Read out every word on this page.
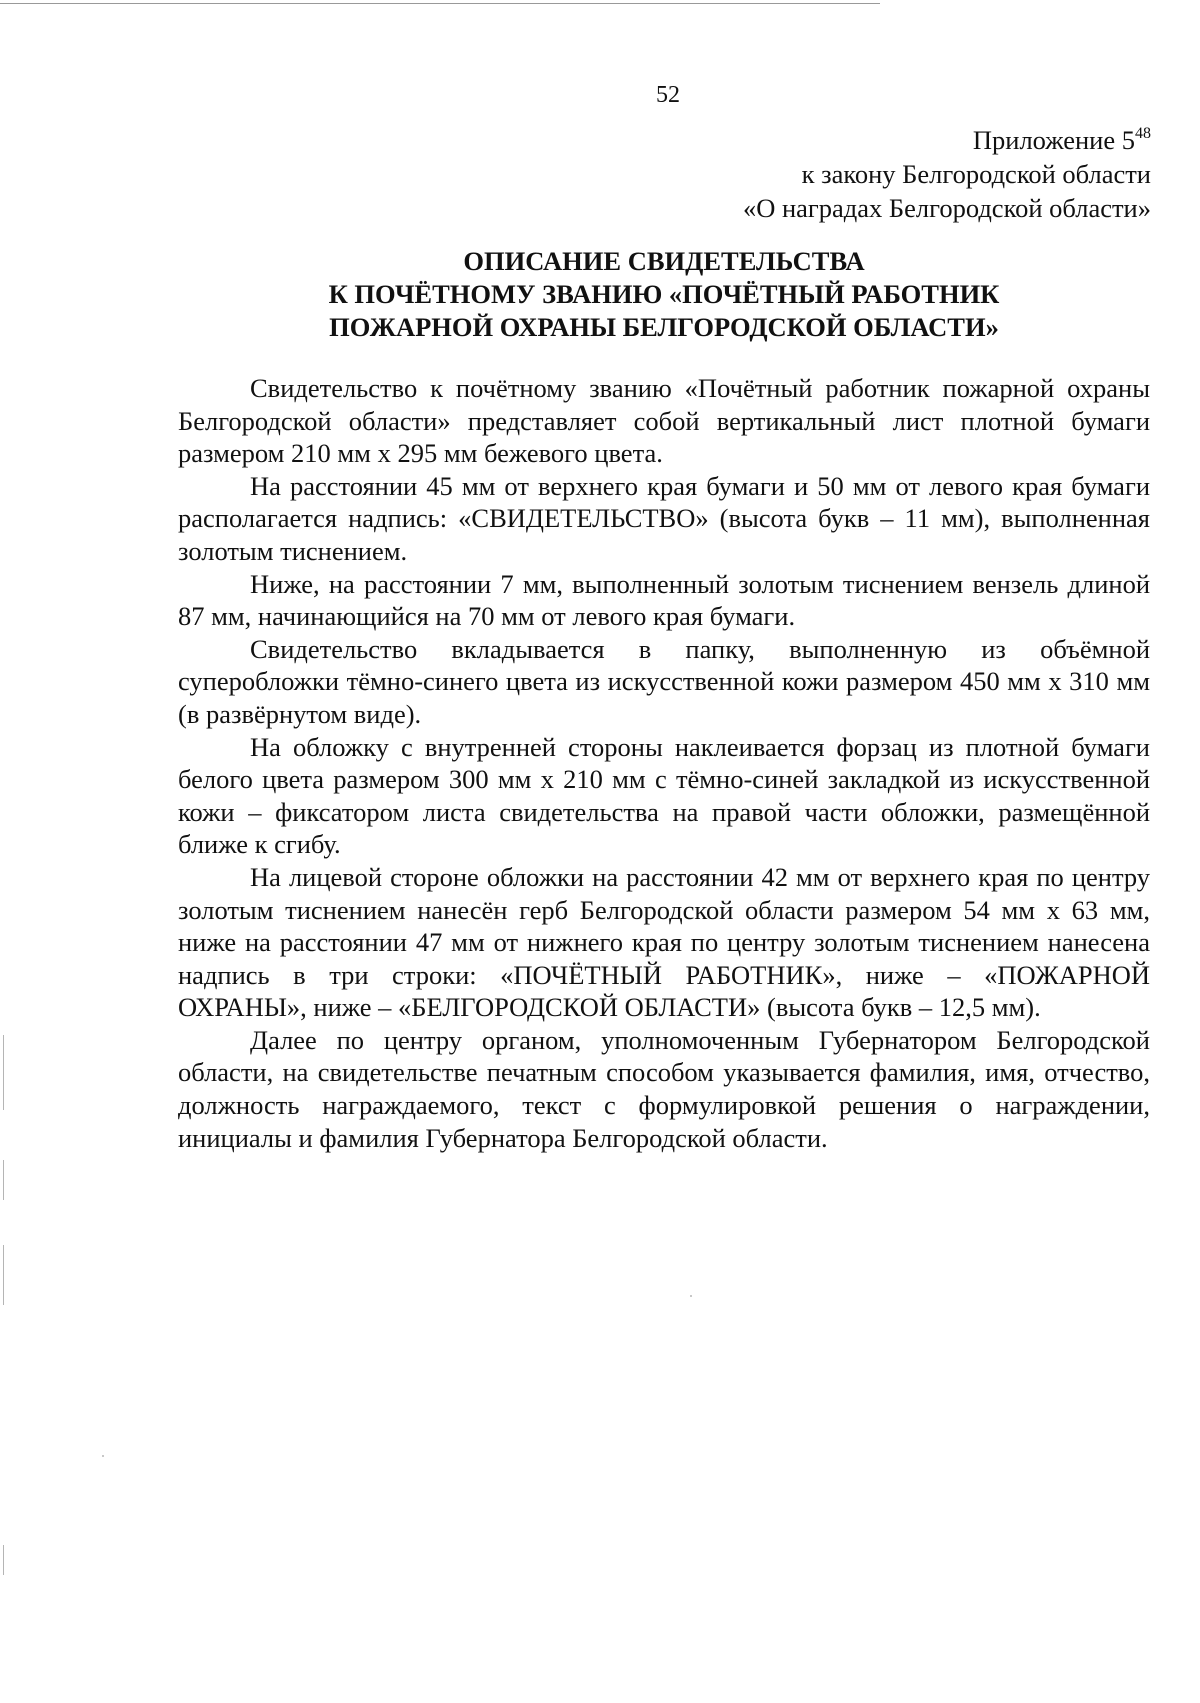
52
Приложение $5^{48}$
к закону Белгородской области
«О наградах Белгородской области»
ОПИСАНИЕ СВИДЕТЕЛЬСТВА
К ПОЧЁТНОМУ ЗВАНИЮ «ПОЧЁТНЫЙ РАБОТНИК
ПОЖАРНОЙ ОХРАНЫ БЕЛГОРОДСКОЙ ОБЛАСТИ»

Свидетельство к почётному званию «Почётный работник пожарной охраны Белгородской области» представляет собой вертикальный лист плотной бумаги размером 210 мм х 295 мм бежевого цвета.

На расстоянии 45 мм от верхнего края бумаги и 50 мм от левого края бумаги располагается надпись: «СВИДЕТЕЛЬСТВО» (высота букв – 11 мм), выполненная золотым тиснением.

Ниже, на расстоянии 7 мм, выполненный золотым тиснением вензель длиной 87 мм, начинающийся на 70 мм от левого края бумаги.

Свидетельство вкладывается в папку, выполненную из объёмной суперобложки тёмно-синего цвета из искусственной кожи размером 450 мм х 310 мм (в развёрнутом виде).

На обложку с внутренней стороны наклеивается форзац из плотной бумаги белого цвета размером 300 мм х 210 мм с тёмно-синей закладкой из искусственной кожи – фиксатором листа свидетельства на правой части обложки, размещённой ближе к сгибу.

На лицевой стороне обложки на расстоянии 42 мм от верхнего края по центру золотым тиснением нанесён герб Белгородской области размером 54 мм х 63 мм, ниже на расстоянии 47 мм от нижнего края по центру золотым тиснением нанесена надпись в три строки: «ПОЧЁТНЫЙ РАБОТНИК», ниже – «ПОЖАРНОЙ ОХРАНЫ», ниже – «БЕЛГОРОДСКОЙ ОБЛАСТИ» (высота букв – 12,5 мм).

Далее по центру органом, уполномоченным Губернатором Белгородской области, на свидетельстве печатным способом указывается фамилия, имя, отчество, должность награждаемого, текст с формулировкой решения о награждении, инициалы и фамилия Губернатора Белгородской области.
